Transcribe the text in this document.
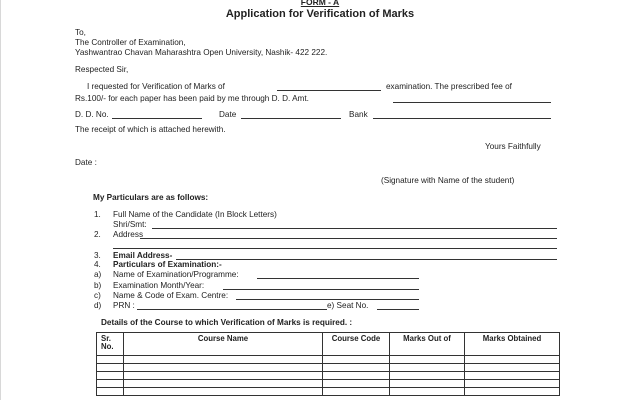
FORM - A
Application for Verification of Marks
To,
The Controller of Examination,
Yashwantrao Chavan Maharashtra Open University, Nashik- 422 222.
Respected Sir,
I requested for Verification of Marks of	examination. The prescribed fee of
Rs.100/- for each paper has been paid by me through D. D. Amt.
D. D. No.	Date	Bank
The receipt of which is attached herewith.
Yours Faithfully
Date :
(Signature with Name of the student)
My Particulars are as follows:
1. Full Name of the Candidate (In Block Letters)
Shri/Smt:
2. Address
3. Email Address-
4. Particulars of Examination:-
a) Name of Examination/Programme:
b) Examination Month/Year:
c) Name & Code of Exam. Centre:
d) PRN :	e) Seat No.
Details of the Course to which Verification of Marks is required. :
Sr. No.	Course Name	Course Code	Marks Out of	Marks Obtained
